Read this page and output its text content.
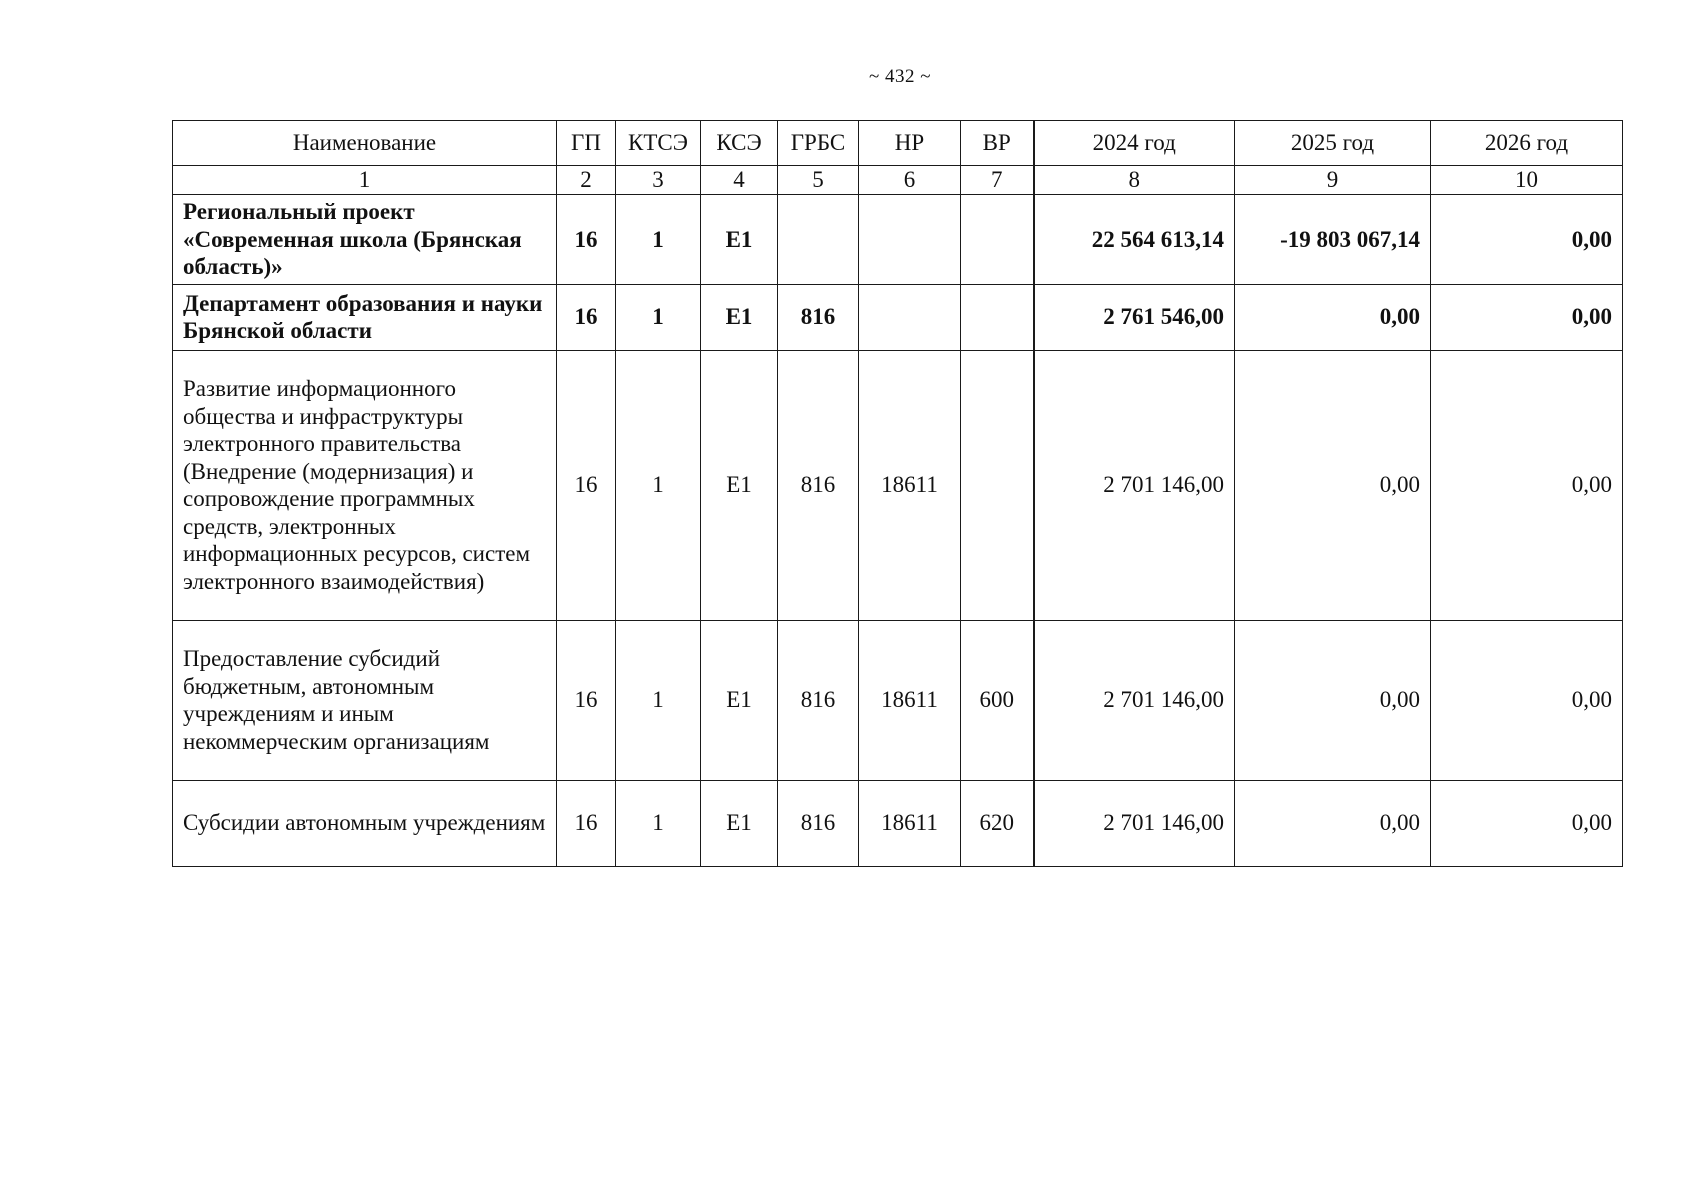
~ 432 ~
Наименование	ГП	КТСЭ	КСЭ	ГРБС	НР	ВР	2024 год	2025 год	2026 год
1	2	3	4	5	6	7	8	9	10
Региональный проект «Современная школа (Брянская область)»	16	1	Е1				22 564 613,14	-19 803 067,14	0,00
Департамент образования и науки Брянской области	16	1	Е1	816			2 761 546,00	0,00	0,00
Развитие информационного общества и инфраструктуры электронного правительства (Внедрение (модернизация) и сопровождение программных средств, электронных информационных ресурсов, систем электронного взаимодействия)	16	1	Е1	816	18611		2 701 146,00	0,00	0,00
Предоставление субсидий бюджетным, автономным учреждениям и иным некоммерческим организациям	16	1	Е1	816	18611	600	2 701 146,00	0,00	0,00
Субсидии автономным учреждениям	16	1	Е1	816	18611	620	2 701 146,00	0,00	0,00
